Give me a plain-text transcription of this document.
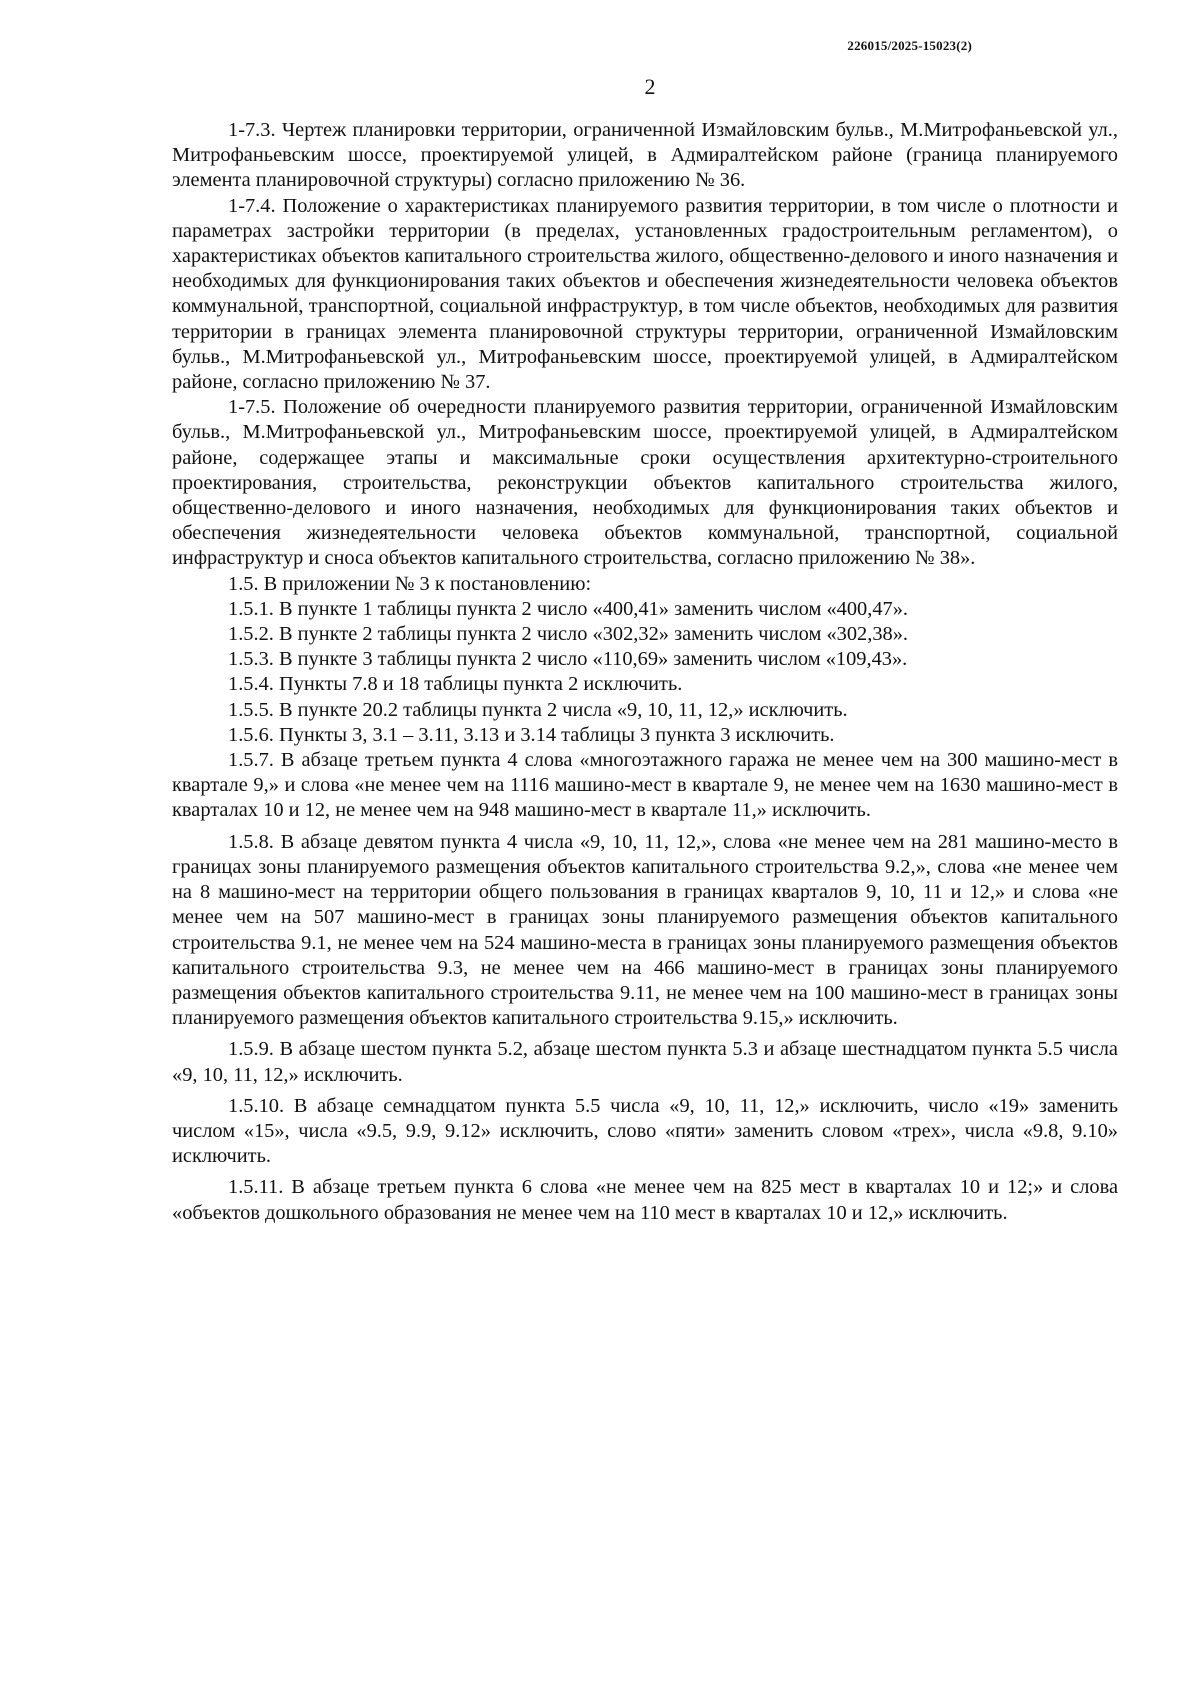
226015/2025-15023(2)
2

1-7.3. Чертеж планировки территории, ограниченной Измайловским бульв., М.Митрофаньевской ул., Митрофаньевским шоссе, проектируемой улицей, в Адмиралтейском районе (граница планируемого элемента планировочной структуры) согласно приложению № 36.

1-7.4. Положение о характеристиках планируемого развития территории, в том числе о плотности и параметрах застройки территории (в пределах, установленных градостроительным регламентом), о характеристиках объектов капитального строительства жилого, общественно-делового и иного назначения и необходимых для функционирования таких объектов и обеспечения жизнедеятельности человека объектов коммунальной, транспортной, социальной инфраструктур, в том числе объектов, необходимых для развития территории в границах элемента планировочной структуры территории, ограниченной Измайловским бульв., М.Митрофаньевской ул., Митрофаньевским шоссе, проектируемой улицей, в Адмиралтейском районе, согласно приложению № 37.

1-7.5. Положение об очередности планируемого развития территории, ограниченной Измайловским бульв., М.Митрофаньевской ул., Митрофаньевским шоссе, проектируемой улицей, в Адмиралтейском районе, содержащее этапы и максимальные сроки осуществления архитектурно-строительного проектирования, строительства, реконструкции объектов капитального строительства жилого, общественно-делового и иного назначения, необходимых для функционирования таких объектов и обеспечения жизнедеятельности человека объектов коммунальной, транспортной, социальной инфраструктур и сноса объектов капитального строительства, согласно приложению № 38».

1.5. В приложении № 3 к постановлению:

1.5.1. В пункте 1 таблицы пункта 2 число «400,41» заменить числом «400,47».

1.5.2. В пункте 2 таблицы пункта 2 число «302,32» заменить числом «302,38».

1.5.3. В пункте 3 таблицы пункта 2 число «110,69» заменить числом «109,43».

1.5.4. Пункты 7.8 и 18 таблицы пункта 2 исключить.

1.5.5. В пункте 20.2 таблицы пункта 2 числа «9, 10, 11, 12,» исключить.

1.5.6. Пункты 3, 3.1 – 3.11, 3.13 и 3.14 таблицы 3 пункта 3 исключить.

1.5.7. В абзаце третьем пункта 4 слова «многоэтажного гаража не менее чем на 300 машино-мест в квартале 9,» и слова «не менее чем на 1116 машино-мест в квартале 9, не менее чем на 1630 машино-мест в кварталах 10 и 12, не менее чем на 948 машино-мест в квартале 11,» исключить.

1.5.8. В абзаце девятом пункта 4 числа «9, 10, 11, 12,», слова «не менее чем на 281 машино-место в границах зоны планируемого размещения объектов капитального строительства 9.2,», слова «не менее чем на 8 машино-мест на территории общего пользования в границах кварталов 9, 10, 11 и 12,» и слова «не менее чем на 507 машино-мест в границах зоны планируемого размещения объектов капитального строительства 9.1, не менее чем на 524 машино-места в границах зоны планируемого размещения объектов капитального строительства 9.3, не менее чем на 466 машино-мест в границах зоны планируемого размещения объектов капитального строительства 9.11, не менее чем на 100 машино-мест в границах зоны планируемого размещения объектов капитального строительства 9.15,» исключить.

1.5.9. В абзаце шестом пункта 5.2, абзаце шестом пункта 5.3 и абзаце шестнадцатом пункта 5.5 числа «9, 10, 11, 12,» исключить.

1.5.10. В абзаце семнадцатом пункта 5.5 числа «9, 10, 11, 12,» исключить, число «19» заменить числом «15», числа «9.5, 9.9, 9.12» исключить, слово «пяти» заменить словом «трех», числа «9.8, 9.10» исключить.

1.5.11. В абзаце третьем пункта 6 слова «не менее чем на 825 мест в кварталах 10 и 12;» и слова «объектов дошкольного образования не менее чем на 110 мест в кварталах 10 и 12,» исключить.
